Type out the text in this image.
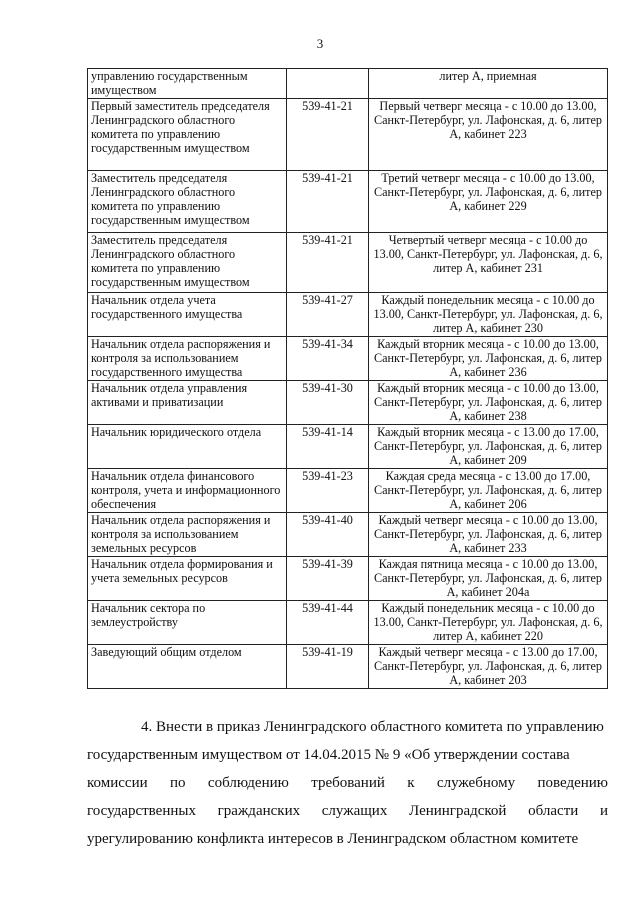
3
управлению государственным имуществом		литер А, приемная
Первый заместитель председателя Ленинградского областного комитета по управлению государственным имуществом	539-41-21	Первый четверг месяца - с 10.00 до 13.00, Санкт-Петербург, ул. Лафонская, д. 6, литер А, кабинет 223
Заместитель председателя Ленинградского областного комитета по управлению государственным имуществом	539-41-21	Третий четверг месяца - с 10.00 до 13.00, Санкт-Петербург, ул. Лафонская, д. 6, литер А, кабинет 229
Заместитель председателя Ленинградского областного комитета по управлению государственным имуществом	539-41-21	Четвертый четверг месяца - с 10.00 до 13.00, Санкт-Петербург, ул. Лафонская, д. 6, литер А, кабинет 231
Начальник отдела учета государственного имущества	539-41-27	Каждый понедельник месяца - с 10.00 до 13.00, Санкт-Петербург, ул. Лафонская, д. 6, литер А, кабинет 230
Начальник отдела распоряжения и контроля за использованием государственного имущества	539-41-34	Каждый вторник месяца - с 10.00 до 13.00, Санкт-Петербург, ул. Лафонская, д. 6, литер А, кабинет 236
Начальник отдела управления активами и приватизации	539-41-30	Каждый вторник месяца - с 10.00 до 13.00, Санкт-Петербург, ул. Лафонская, д. 6, литер А, кабинет 238
Начальник юридического отдела	539-41-14	Каждый вторник месяца - с 13.00 до 17.00, Санкт-Петербург, ул. Лафонская, д. 6, литер А, кабинет 209
Начальник отдела финансового контроля, учета и информационного обеспечения	539-41-23	Каждая среда месяца - с 13.00 до 17.00, Санкт-Петербург, ул. Лафонская, д. 6, литер А, кабинет 206
Начальник отдела распоряжения и контроля за использованием земельных ресурсов	539-41-40	Каждый четверг месяца - с 10.00 до 13.00, Санкт-Петербург, ул. Лафонская, д. 6, литер А, кабинет 233
Начальник отдела формирования и учета земельных ресурсов	539-41-39	Каждая пятница месяца - с 10.00 до 13.00, Санкт-Петербург, ул. Лафонская, д. 6, литер А, кабинет 204а
Начальник сектора по землеустройству	539-41-44	Каждый понедельник месяца - с 10.00 до 13.00, Санкт-Петербург, ул. Лафонская, д. 6, литер А, кабинет 220
Заведующий общим отделом	539-41-19	Каждый четверг месяца - с 13.00 до 17.00, Санкт-Петербург, ул. Лафонская, д. 6, литер А, кабинет 203
4. Внести в приказ Ленинградского областного комитета по управлению
государственным имуществом от 14.04.2015 № 9 «Об утверждении состава
комиссии по соблюдению требований к служебному поведению
государственных гражданских служащих Ленинградской области и
урегулированию конфликта интересов в Ленинградском областном комитете
